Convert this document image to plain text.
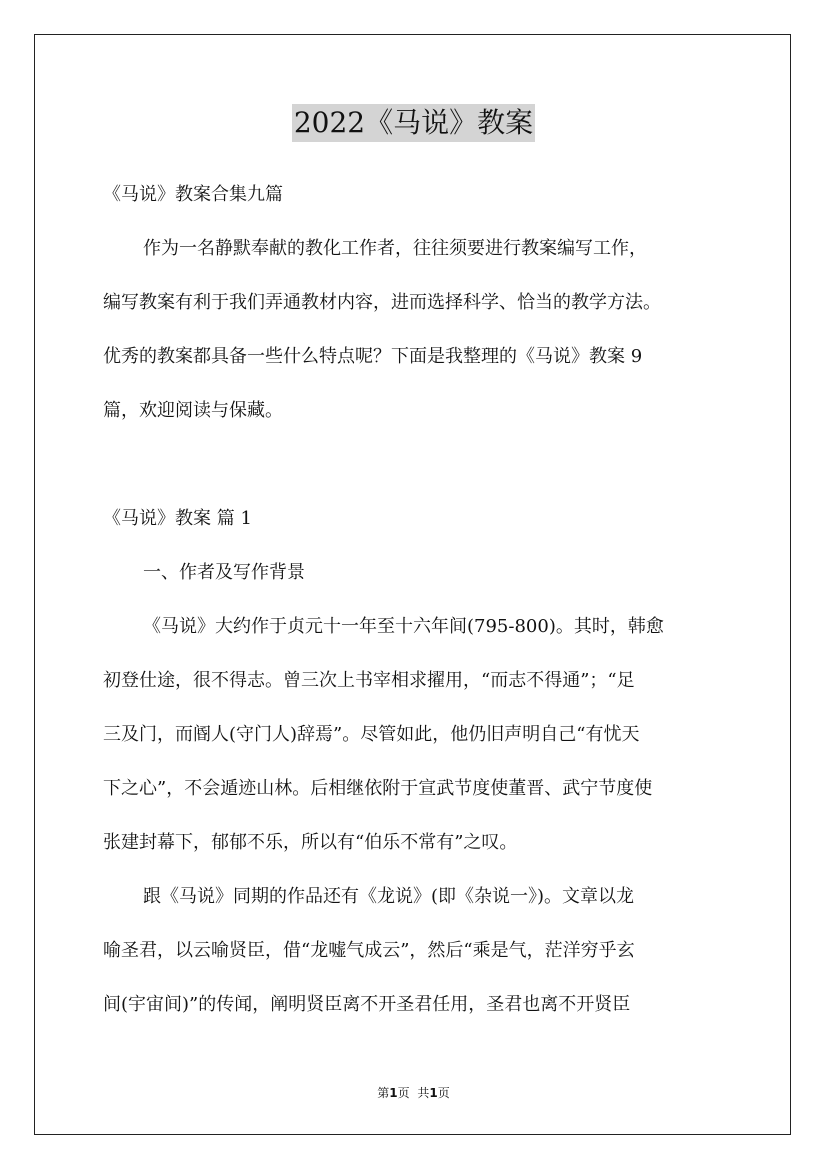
2022《马说》教案
《马说》教案合集九篇
作为一名静默奉献的教化工作者，往往须要进行教案编写工作，
编写教案有利于我们弄通教材内容，进而选择科学、恰当的教学方法。
优秀的教案都具备一些什么特点呢？下面是我整理的《马说》教案 9
篇，欢迎阅读与保藏。
《马说》教案 篇 1
一、作者及写作背景
《马说》大约作于贞元十一年至十六年间(795-800)。其时，韩愈
初登仕途，很不得志。曾三次上书宰相求擢用，“而志不得通”；“足
三及门，而阍人(守门人)辞焉”。尽管如此，他仍旧声明自己“有忧天
下之心”，不会遁迹山林。后相继依附于宣武节度使董晋、武宁节度使
张建封幕下，郁郁不乐，所以有“伯乐不常有”之叹。
跟《马说》同期的作品还有《龙说》(即《杂说一》)。文章以龙
喻圣君，以云喻贤臣，借“龙嘘气成云”，然后“乘是气，茫洋穷乎玄
间(宇宙间)”的传闻，阐明贤臣离不开圣君任用，圣君也离不开贤臣
第1页 共1页
